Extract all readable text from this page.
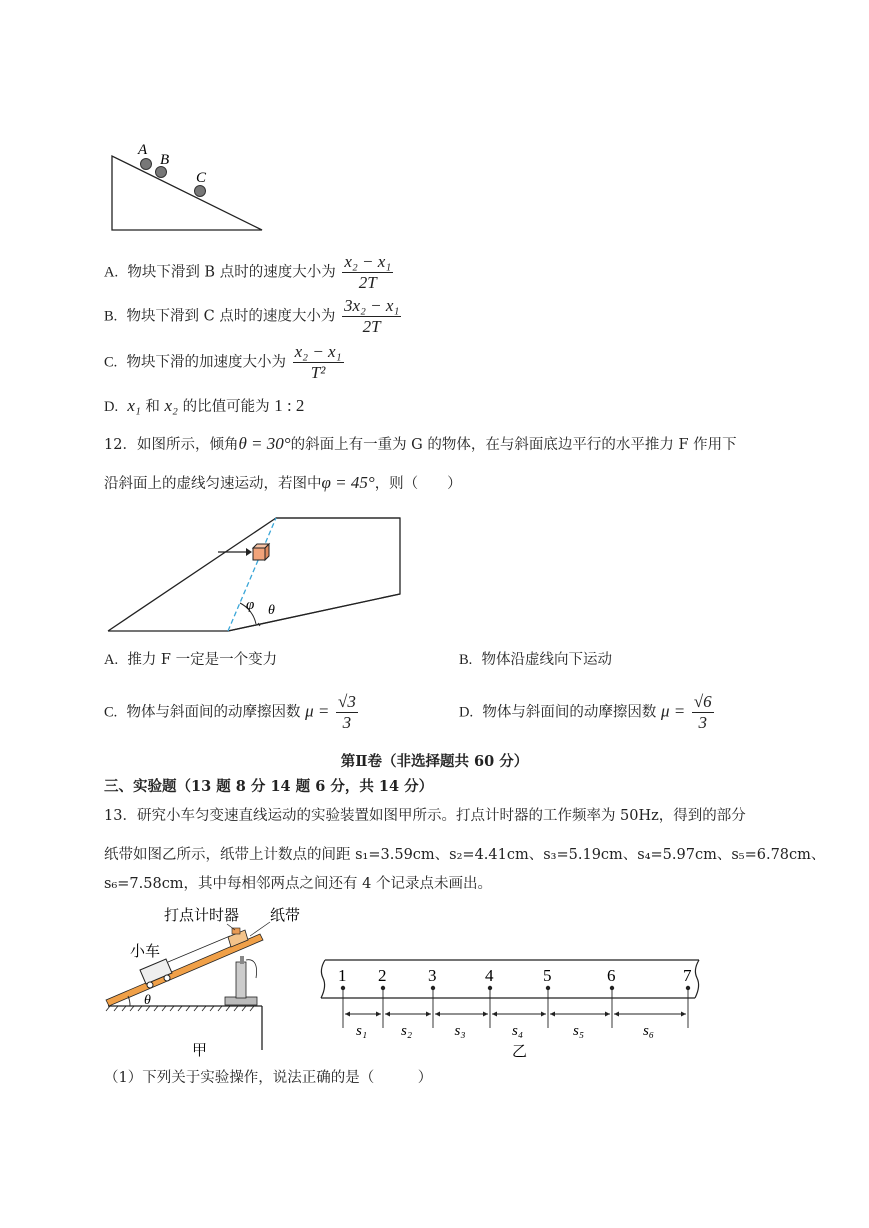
A
B
C
A. 物块下滑到 B 点时的速度大小为 $\frac{\text{x₂ − x₁}}{2T}$
B. 物块下滑到 C 点时的速度大小为 $\frac{\text{3x₂ − x₁}}{2T}$
C. 物块下滑的加速度大小为 $\frac{\text{x₂ − x₁}}{\text{T²}}$
D. x₁ 和 x₂ 的比值可能为 1 : 2
12．如图所示，倾角θ = 30°的斜面上有一重为 G 的物体，在与斜面底边平行的水平推力 F 作用下
沿斜面上的虚线匀速运动，若图中φ = 45°，则（　　）
φ θ
A. 推力 F 一定是一个变力	B. 物体沿虚线向下运动
C. 物体与斜面间的动摩擦因数 $\mu = \frac{√3}{3}$	D. 物体与斜面间的动摩擦因数 $\mu = \frac{√6}{3}$
第Ⅱ卷（非选择题共 60 分）
三、实验题（13 题 8 分 14 题 6 分，共 14 分）
13．研究小车匀变速直线运动的实验装置如图甲所示。打点计时器的工作频率为 50Hz，得到的部分
纸带如图乙所示，纸带上计数点的间距 s₁=3.59cm、s₂=4.41cm、s₃=5.19cm、s₄=5.97cm、s₅=6.78cm、
s₆=7.58cm，其中每相邻两点之间还有 4 个记录点未画出。
打点计时器 纸带
小车
θ
甲
1 2 3	4	5	6	7
s₁ s₂	s₃	s₄	s₅	s₆
乙
（1）下列关于实验操作，说法正确的是（　　　）
